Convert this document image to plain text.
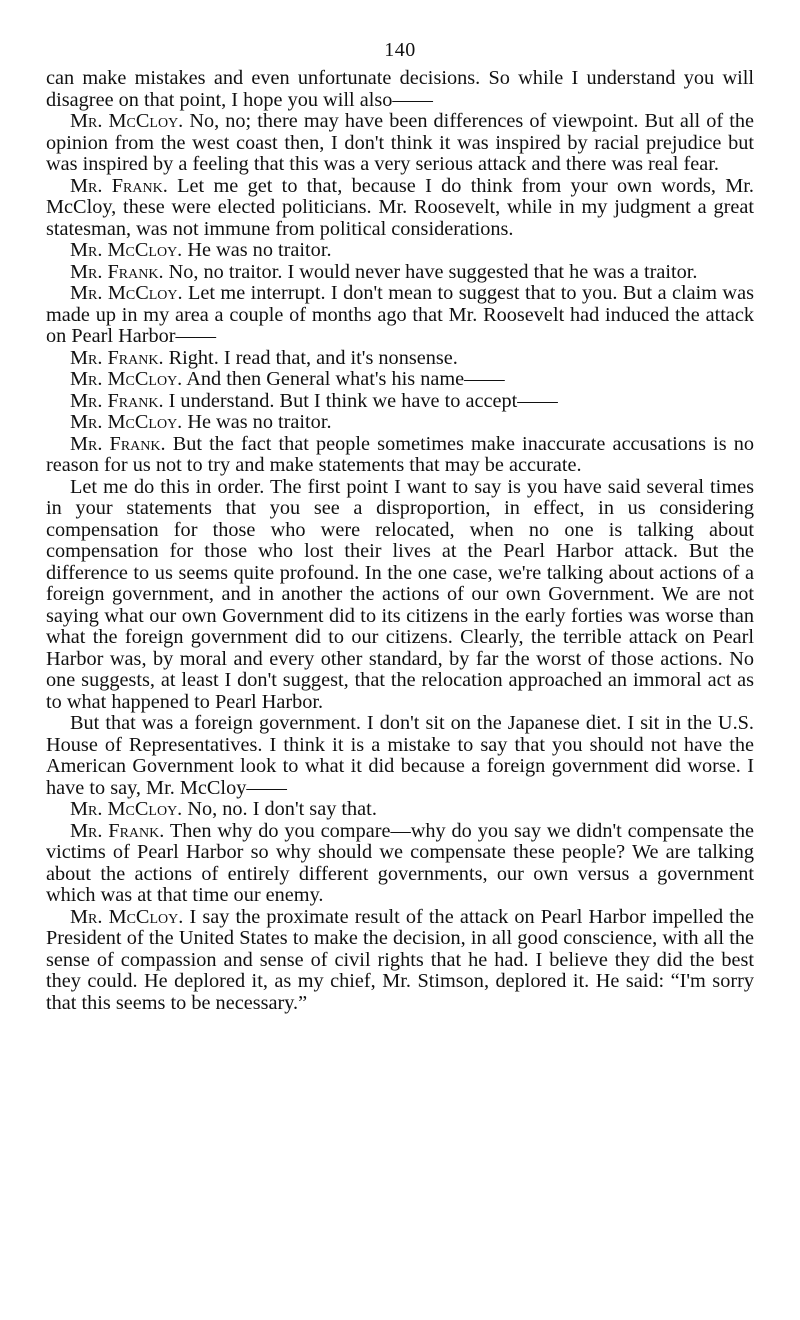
140

can make mistakes and even unfortunate decisions. So while I understand you will disagree on that point, I hope you will also——

Mr. McCloy. No, no; there may have been differences of viewpoint. But all of the opinion from the west coast then, I don't think it was inspired by racial prejudice but was inspired by a feeling that this was a very serious attack and there was real fear.

Mr. Frank. Let me get to that, because I do think from your own words, Mr. McCloy, these were elected politicians. Mr. Roosevelt, while in my judgment a great statesman, was not immune from political considerations.

Mr. McCloy. He was no traitor.

Mr. Frank. No, no traitor. I would never have suggested that he was a traitor.

Mr. McCloy. Let me interrupt. I don't mean to suggest that to you. But a claim was made up in my area a couple of months ago that Mr. Roosevelt had induced the attack on Pearl Harbor——

Mr. Frank. Right. I read that, and it's nonsense.

Mr. McCloy. And then General what's his name——

Mr. Frank. I understand. But I think we have to accept——

Mr. McCloy. He was no traitor.

Mr. Frank. But the fact that people sometimes make inaccurate accusations is no reason for us not to try and make statements that may be accurate.

Let me do this in order. The first point I want to say is you have said several times in your statements that you see a disproportion, in effect, in us considering compensation for those who were relocated, when no one is talking about compensation for those who lost their lives at the Pearl Harbor attack. But the difference to us seems quite profound. In the one case, we're talking about actions of a foreign government, and in another the actions of our own Government. We are not saying what our own Government did to its citizens in the early forties was worse than what the foreign government did to our citizens. Clearly, the terrible attack on Pearl Harbor was, by moral and every other standard, by far the worst of those actions. No one suggests, at least I don't suggest, that the relocation approached an immoral act as to what happened to Pearl Harbor.

But that was a foreign government. I don't sit on the Japanese diet. I sit in the U.S. House of Representatives. I think it is a mistake to say that you should not have the American Government look to what it did because a foreign government did worse. I have to say, Mr. McCloy——

Mr. McCloy. No, no. I don't say that.

Mr. Frank. Then why do you compare—why do you say we didn't compensate the victims of Pearl Harbor so why should we compensate these people? We are talking about the actions of entirely different governments, our own versus a government which was at that time our enemy.

Mr. McCloy. I say the proximate result of the attack on Pearl Harbor impelled the President of the United States to make the decision, in all good conscience, with all the sense of compassion and sense of civil rights that he had. I believe they did the best they could. He deplored it, as my chief, Mr. Stimson, deplored it. He said: “I'm sorry that this seems to be necessary.”
